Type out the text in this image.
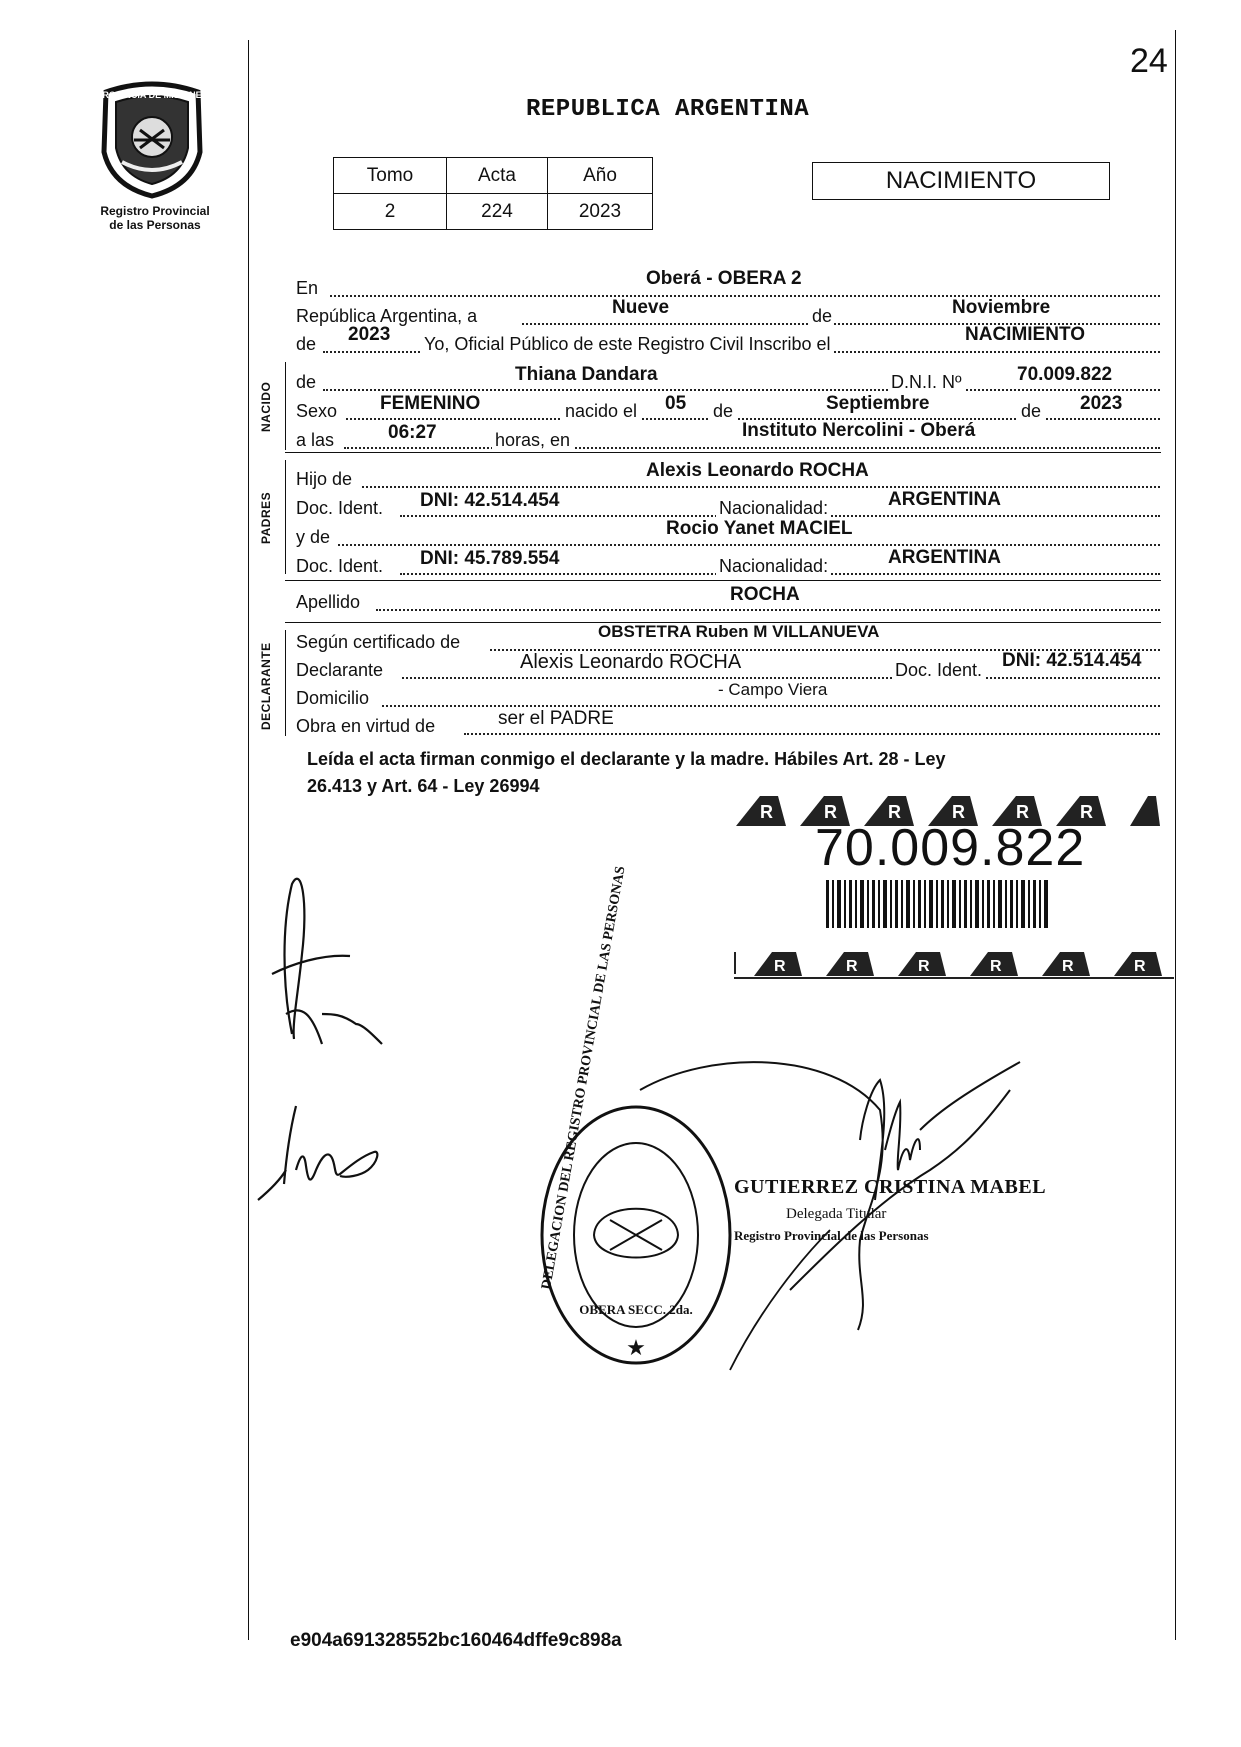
24
PROVINCIA DE MISIONES
Registro Provincial
de las Personas
REPUBLICA ARGENTINA
Tomo	Acta	Año
2	224	2023
NACIMIENTO
En	Oberá - OBERA 2
República Argentina, a	Nueve	de	Noviembre
de 2023 Yo, Oficial Público de este Registro Civil Inscribo el	NACIMIENTO
NACIDO de	Thiana Dandara	D.N.I. Nº	70.009.822
Sexo FEMENINO	nacido el 05 de	Septiembre	de 2023
a las	06:27	horas, en	Instituto Nercolini - Oberá
PADRES
Hijo de	Alexis Leonardo ROCHA
Doc. Ident. DNI: 42.514.454	Nacionalidad:	ARGENTINA
y de	Rocio Yanet MACIEL
Doc. Ident. DNI: 45.789.554	Nacionalidad:	ARGENTINA
Apellido	ROCHA
DECLARANTE
Según certificado de
OBSTETRA Ruben M VILLANUEVA
Declarante	Alexis Leonardo ROCHA	Doc. Ident. DNI: 42.514.454
Domicilio	- Campo Viera
Obra en virtud de	ser el PADRE
Leída el acta firman conmigo el declarante y la madre. Hábiles Art. 28 - Ley
26.413 y Art. 64 - Ley 26994
R	R	R	R	R	R
70.009.822
R	R	R	R	R	R
★
DELEGACION DEL REGISTRO PROVINCIAL DE LAS PERSONAS
OBERA SECC. 2da.
GUTIERREZ CRISTINA MABEL
Delegada Titular
Registro Provincial de las Personas
e904a691328552bc160464dffe9c898a
